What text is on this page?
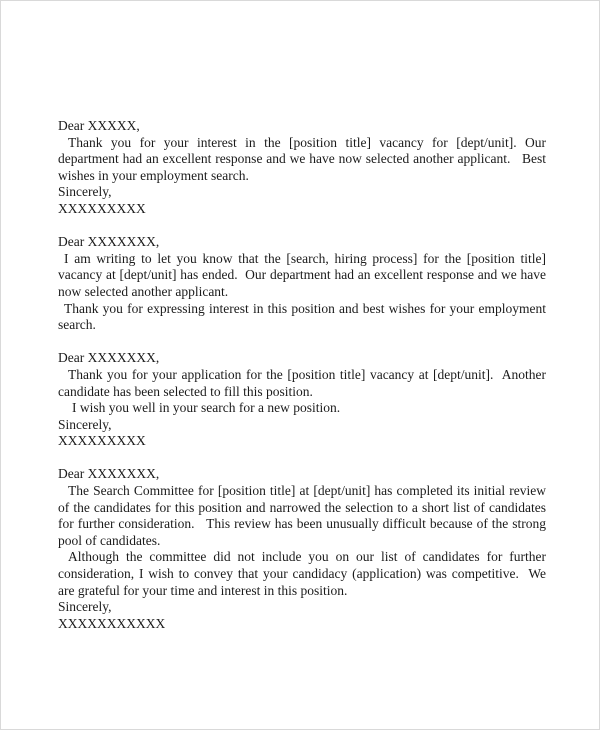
Dear XXXXX,

Thank you for your interest in the [position title] vacancy for [dept/unit]. Our department had an excellent response and we have now selected another applicant.   Best wishes in your employment search.

Sincerely,

XXXXXXXXX

Dear XXXXXXX,

I am writing to let you know that the [search, hiring process] for the [position title] vacancy at [dept/unit] has ended.  Our department had an excellent response and we have now selected another applicant.

Thank you for expressing interest in this position and best wishes for your employment search.

Dear XXXXXXX,

Thank you for your application for the [position title] vacancy at [dept/unit].  Another candidate has been selected to fill this position.

I wish you well in your search for a new position.

Sincerely,

XXXXXXXXX

Dear XXXXXXX,

The Search Committee for [position title] at [dept/unit] has completed its initial review of the candidates for this position and narrowed the selection to a short list of candidates for further consideration.   This review has been unusually difficult because of the strong pool of candidates.

Although the committee did not include you on our list of candidates for further consideration, I wish to convey that your candidacy (application) was competitive.  We are grateful for your time and interest in this position.

Sincerely,

XXXXXXXXXXX
